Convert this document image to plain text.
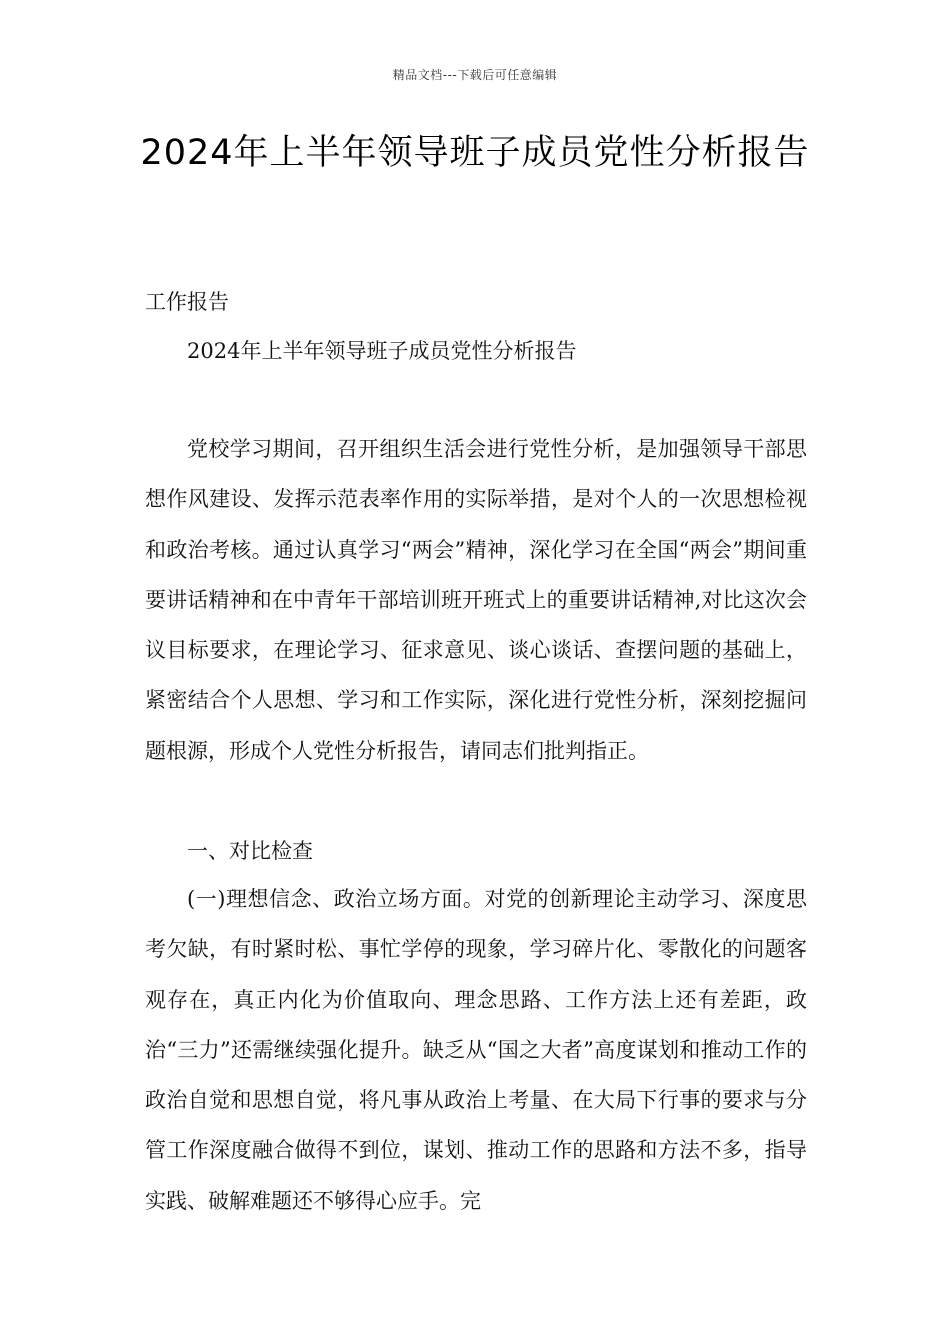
精品文档---下载后可任意编辑
2024年上半年领导班子成员党性分析报告

工作报告

2024年上半年领导班子成员党性分析报告

党校学习期间，召开组织生活会进行党性分析，是加强领导干部思想作风建设、发挥示范表率作用的实际举措，是对个人的一次思想检视和政治考核。通过认真学习“两会”精神，深化学习在全国“两会”期间重要讲话精神和在中青年干部培训班开班式上的重要讲话精神,对比这次会议目标要求，在理论学习、征求意见、谈心谈话、查摆问题的基础上，紧密结合个人思想、学习和工作实际，深化进行党性分析，深刻挖掘问题根源，形成个人党性分析报告，请同志们批判指正。

一、对比检查

(一)理想信念、政治立场方面。对党的创新理论主动学习、深度思考欠缺，有时紧时松、事忙学停的现象，学习碎片化、零散化的问题客观存在，真正内化为价值取向、理念思路、工作方法上还有差距，政治“三力”还需继续强化提升。缺乏从“国之大者”高度谋划和推动工作的政治自觉和思想自觉，将凡事从政治上考量、在大局下行事的要求与分管工作深度融合做得不到位，谋划、推动工作的思路和方法不多，指导实践、破解难题还不够得心应手。完
